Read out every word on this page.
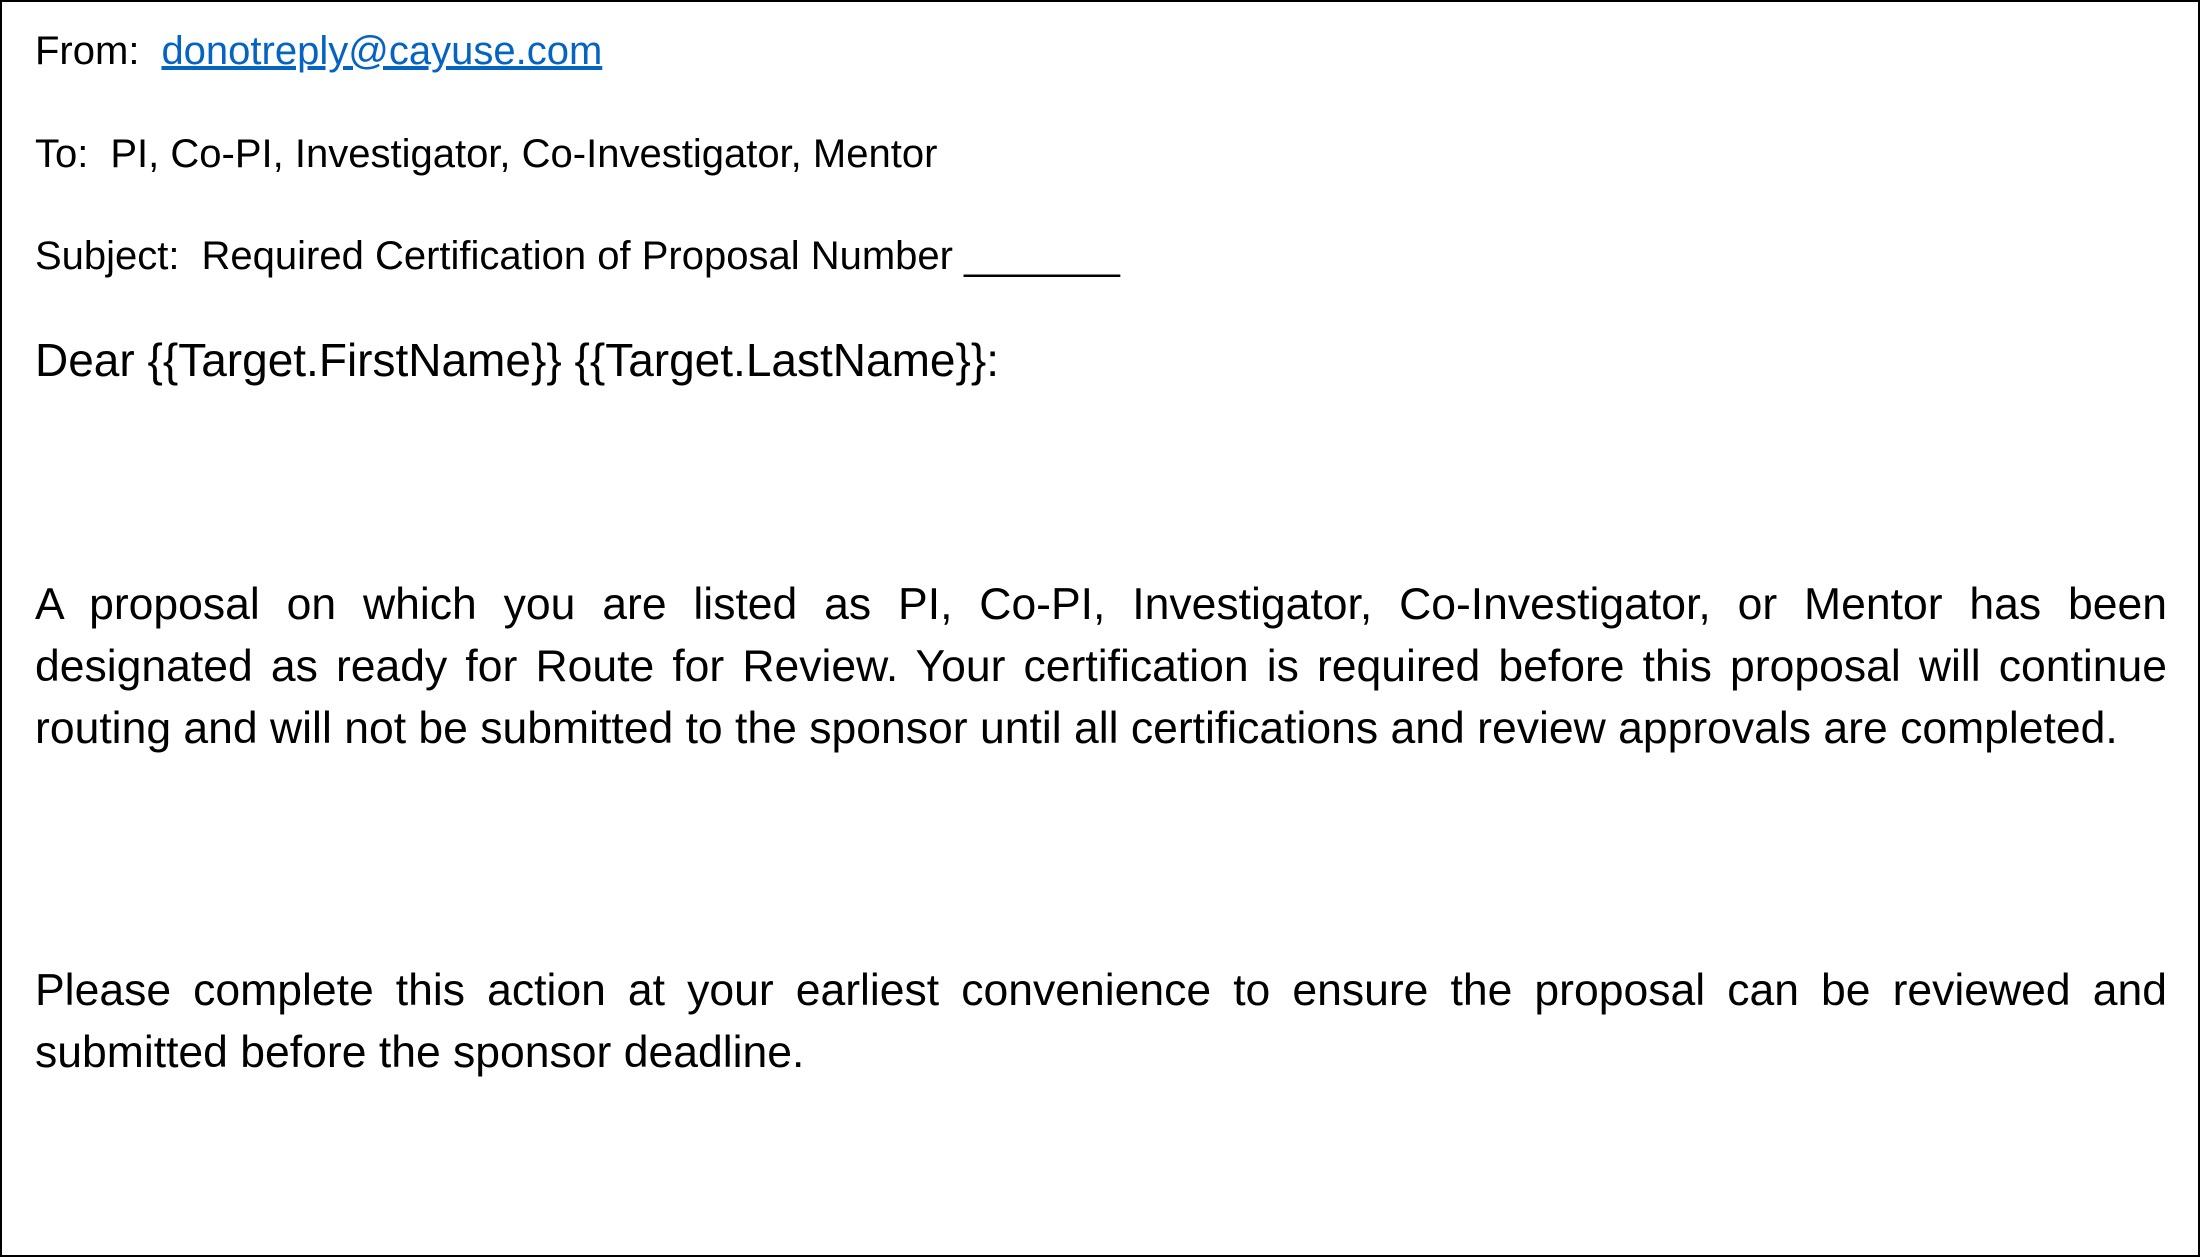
From: donotreply@cayuse.com
To: PI, Co-PI, Investigator, Co-Investigator, Mentor
Subject: Required Certification of Proposal Number _______
Dear {{Target.FirstName}} {{Target.LastName}}:

A proposal on which you are listed as PI, Co-PI, Investigator, Co-Investigator, or Mentor has been designated as ready for Route for Review. Your certification is required before this proposal will continue routing and will not be submitted to the sponsor until all certifications and review approvals are completed.

Please complete this action at your earliest convenience to ensure the proposal can be reviewed and submitted before the sponsor deadline.
